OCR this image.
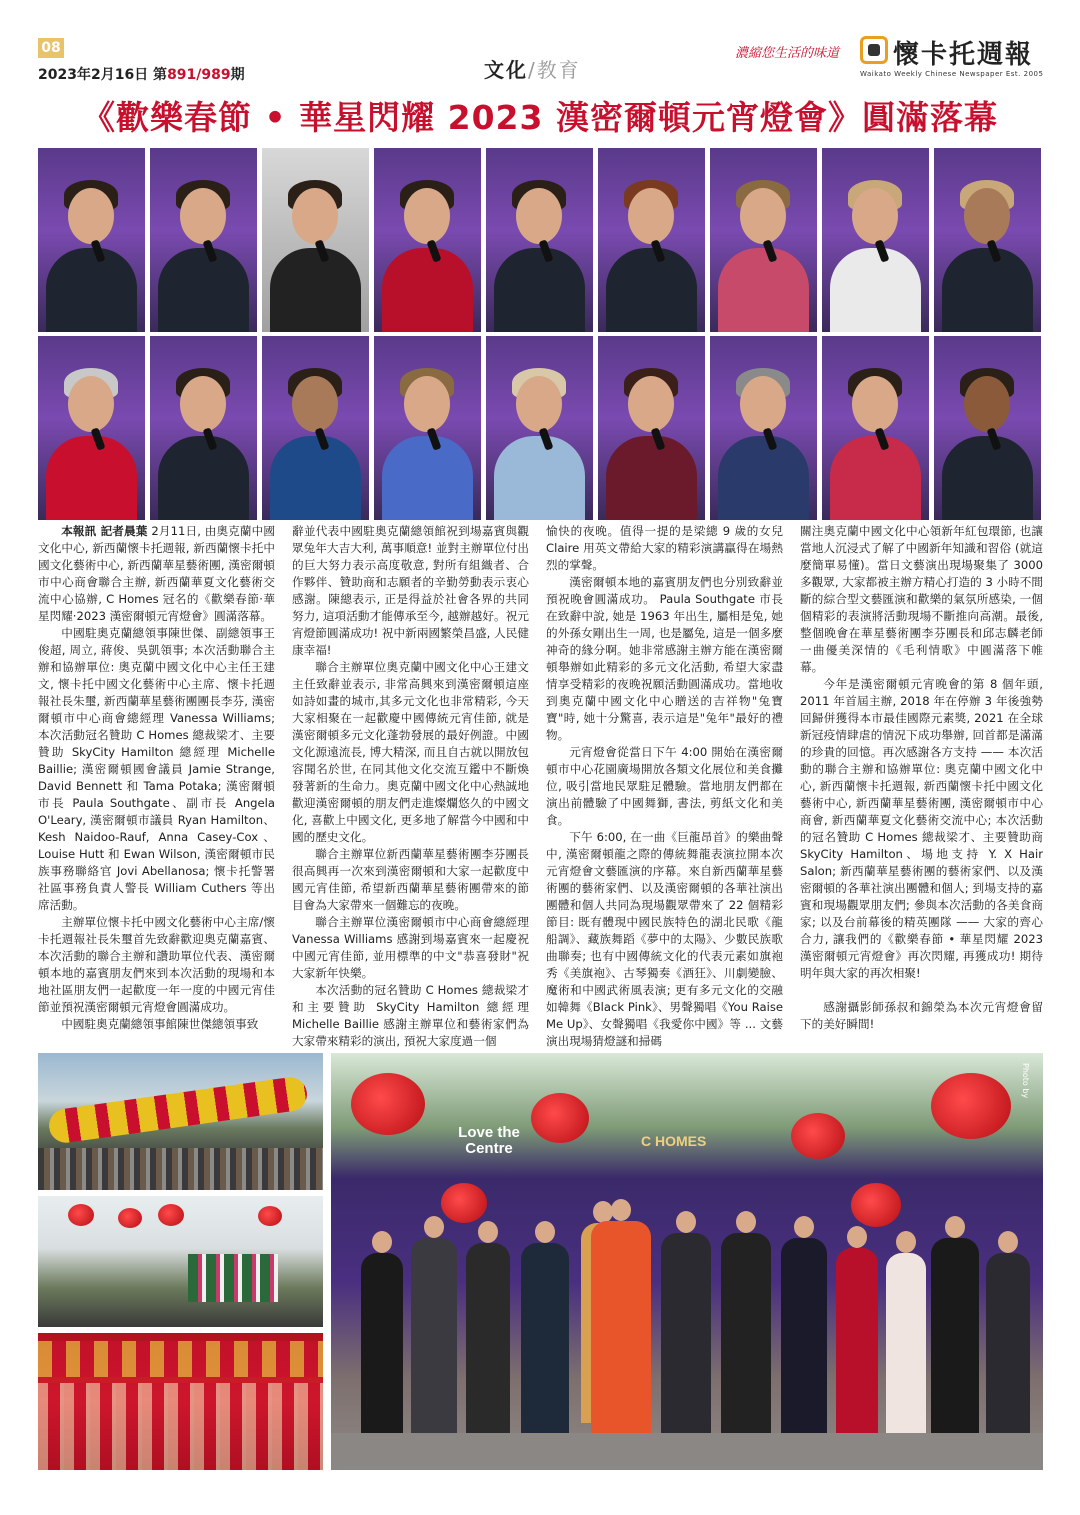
08
2023年2月16日 第891/989期	文化/教育
濃縮您生活的味道 懷卡托週報
Waikato Weekly Chinese Newspaper Est. 2005
《歡樂春節 • 華星閃耀 2023 漢密爾頓元宵燈會》圓滿落幕

本報訊 記者晨葉 2月11日, 由奧克蘭中國文化中心, 新西蘭懷卡托週報, 新西蘭懷卡托中國文化藝術中心, 新西蘭華星藝術團, 漢密爾頓市中心商會聯合主辦, 新西蘭華夏文化藝術交流中心協辦, C Homes 冠名的《歡樂春節·華星閃耀·2023 漢密爾頓元宵燈會》圓滿落幕。

中國駐奧克蘭總領事陳世傑、副總領事王俊超, 周立, 蔣俊、吳凱領事; 本次活動聯合主辦和協辦單位: 奧克蘭中國文化中心主任王建文, 懷卡托中國文化藝術中心主席、懷卡托週報社長朱璽, 新西蘭華星藝術團團長李芬, 漢密爾頓市中心商會總經理 Vanessa Williams; 本次活動冠名贊助 C Homes 總裁梁才、主要贊助 SkyCity Hamilton 總經理 Michelle Baillie; 漢密爾頓國會議員 Jamie Strange, David Bennett 和 Tama Potaka; 漢密爾頓市長 Paula Southgate、副市長 Angela O'Leary, 漢密爾頓市議員 Ryan Hamilton、Kesh Naidoo-Rauf, Anna Casey-Cox、Louise Hutt 和 Ewan Wilson, 漢密爾頓市民族事務聯絡官 Jovi Abellanosa; 懷卡托警署社區事務負責人警長 William Cuthers 等出席活動。

主辦單位懷卡托中國文化藝術中心主席/懷卡托週報社長朱璽首先致辭歡迎奧克蘭嘉賓、本次活動的聯合主辦和讚助單位代表、漢密爾頓本地的嘉賓朋友們來到本次活動的現場和本地社區朋友們一起歡度一年一度的中國元宵佳節並預祝漢密爾頓元宵燈會圓滿成功。

中國駐奧克蘭總領事館陳世傑總領事致

辭並代表中國駐奧克蘭總領館祝到場嘉賓與觀眾兔年大吉大利, 萬事順意! 並對主辦單位付出的巨大努力表示高度敬意, 對所有組織者、合作夥伴、贊助商和志願者的辛勤勞動表示衷心感謝。陳總表示, 正是得益於社會各界的共同努力, 這項活動才能傳承至今, 越辦越好。祝元宵燈節圓滿成功! 祝中新兩國繁榮昌盛, 人民健康幸福!

聯合主辦單位奧克蘭中國文化中心王建文主任致辭並表示, 非常高興來到漢密爾頓這座如詩如畫的城市,其多元文化也非常精彩, 今天大家相聚在一起歡慶中國傳統元宵佳節, 就是漢密爾頓多元文化蓬勃發展的最好例證。中國文化源遠流長, 博大精深, 而且自古就以開放包容聞名於世, 在同其他文化交流互鑑中不斷煥發著新的生命力。奧克蘭中國文化中心熱誠地歡迎漢密爾頓的朋友們走進燦爛悠久的中國文化, 喜歡上中國文化, 更多地了解當今中國和中國的歷史文化。

聯合主辦單位新西蘭華星藝術團李芬團長很高興再一次來到漢密爾頓和大家一起歡度中國元宵佳節, 希望新西蘭華星藝術團帶來的節目會為大家帶來一個難忘的夜晚。

聯合主辦單位漢密爾頓市中心商會總經理 Vanessa Williams 感謝到場嘉賓來一起慶祝中國元宵佳節, 並用標準的中文"恭喜發財"祝大家新年快樂。

本次活動的冠名贊助 C Homes 總裁梁才和主要贊助 SkyCity Hamilton 總經理 Michelle Baillie 感謝主辦單位和藝術家們為大家帶來精彩的演出, 預祝大家度過一個

愉快的夜晚。值得一提的是梁總 9 歲的女兒 Claire 用英文帶給大家的精彩演講贏得在場熱烈的掌聲。

漢密爾頓本地的嘉賓朋友們也分別致辭並預祝晚會圓滿成功。 Paula Southgate 市長在致辭中說, 她是 1963 年出生, 屬相是兔, 她的外孫女剛出生一周, 也是屬兔, 這是一個多麼神奇的緣分啊。她非常感謝主辦方能在漢密爾頓舉辦如此精彩的多元文化活動, 希望大家盡情享受精彩的夜晚祝願活動圓滿成功。當地收到奧克蘭中國文化中心贈送的吉祥物"兔寶寶"時, 她十分驚喜, 表示這是"兔年"最好的禮物。

元宵燈會從當日下午 4:00 開始在漢密爾頓市中心花園廣場開放各類文化展位和美食攤位, 吸引當地民眾駐足體驗。當地朋友們都在演出前體驗了中國舞獅, 書法, 剪紙文化和美食。

下午 6:00, 在一曲《巨龍昂首》的樂曲聲中, 漢密爾頓龍之際的傳統舞龍表演拉開本次元宵燈會文藝匯演的序幕。來自新西蘭華星藝術團的藝術家們、以及漢密爾頓的各華社演出團體和個人共同為現場觀眾帶來了 22 個精彩節目: 既有體現中國民族特色的湖北民歌《龍船調》、藏族舞蹈《夢中的太陽》、少數民族歌曲聯奏; 也有中國傳統文化的代表元素如旗袍秀《美旗袍》、古琴獨奏《酒狂》、川劇變臉、魔術和中國武術風表演; 更有多元文化的交融如韓舞《Black Pink》、男聲獨唱《You Raise Me Up》、女聲獨唱《我愛你中國》等 ... 文藝演出現場猜燈謎和掃碼

關注奧克蘭中國文化中心領新年紅包環節, 也讓當地人沉浸式了解了中國新年知識和習俗 (就這麼簡單易懂)。當日文藝演出現場聚集了 3000 多觀眾, 大家都被主辦方精心打造的 3 小時不間斷的綜合型文藝匯演和歡樂的氣氛所感染, 一個個精彩的表演將活動現場不斷推向高潮。最後, 整個晚會在華星藝術團李芬團長和邱志麟老師一曲優美深情的《毛利情歌》中圓滿落下帷幕。

今年是漢密爾頓元宵晚會的第 8 個年頭, 2011 年首屆主辦, 2018 年在停辦 3 年後強勢回歸併獲得本市最佳國際元素獎, 2021 在全球新冠疫情肆虐的情況下成功舉辦, 回首都是滿滿的珍貴的回憶。再次感謝各方支持 —— 本次活動的聯合主辦和協辦單位: 奧克蘭中國文化中心, 新西蘭懷卡托週報, 新西蘭懷卡托中國文化藝術中心, 新西蘭華星藝術團, 漢密爾頓市中心商會, 新西蘭華夏文化藝術交流中心; 本次活動的冠名贊助 C Homes 總裁梁才、主要贊助商 SkyCity Hamilton、場地支持 Y. X Hair Salon; 新西蘭華星藝術團的藝術家們、以及漢密爾頓的各華社演出團體和個人; 到場支持的嘉賓和現場觀眾朋友們; 參與本次活動的各美食商家; 以及台前幕後的精英團隊 —— 大家的齊心合力, 讓我們的《歡樂春節 • 華星閃耀 2023 漢密爾頓元宵燈會》再次閃耀, 再獲成功! 期待明年與大家的再次相聚!

感謝攝影師孫叔和錦榮為本次元宵燈會留下的美好瞬間!

Love the Centre	C HOMES
Photo by
